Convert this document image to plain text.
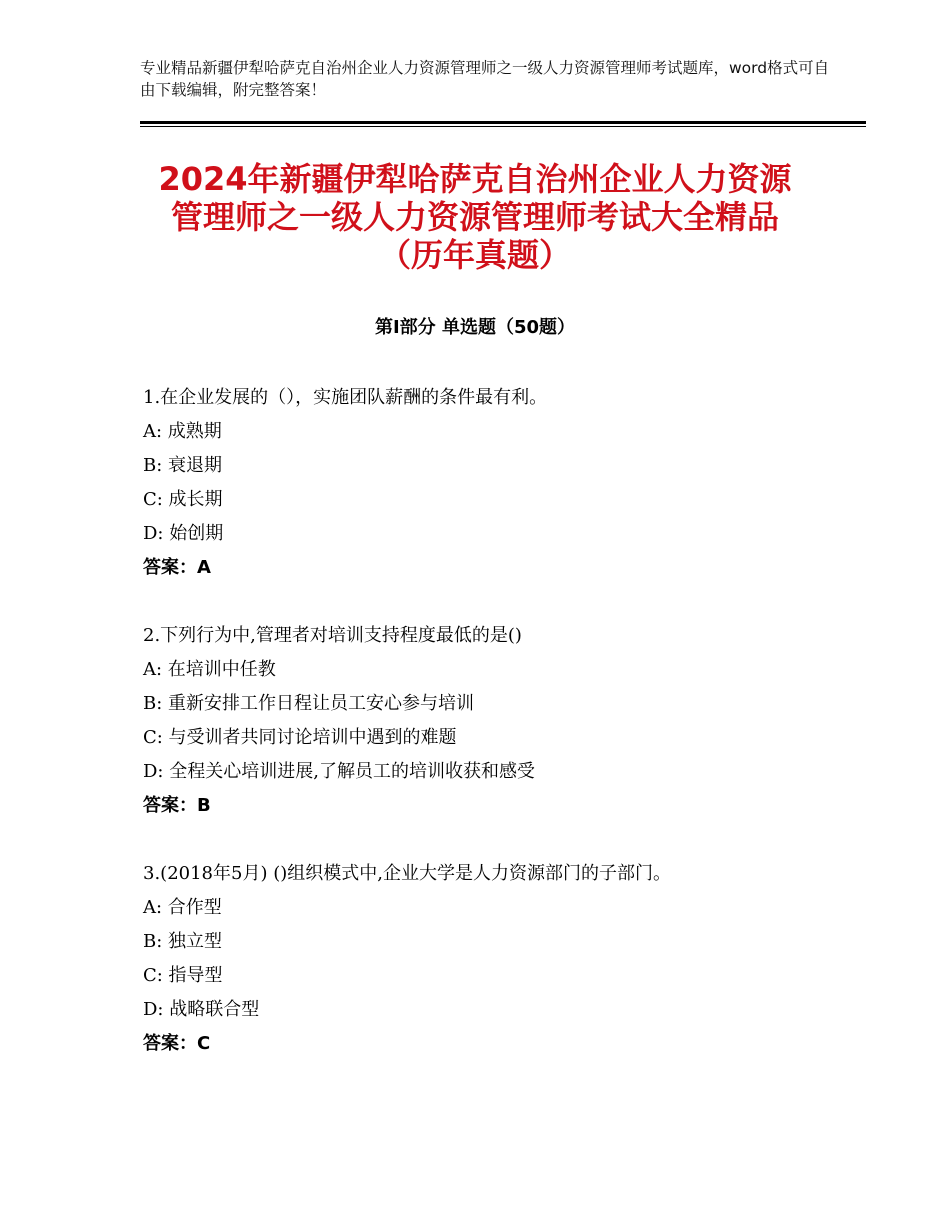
专业精品新疆伊犁哈萨克自治州企业人力资源管理师之一级人力资源管理师考试题库，word格式可自由下载编辑，附完整答案！
2024年新疆伊犁哈萨克自治州企业人力资源
管理师之一级人力资源管理师考试大全精品
（历年真题）
第Ⅰ部分 单选题（50题）
1.在企业发展的（），实施团队薪酬的条件最有利。
A: 成熟期
B: 衰退期
C: 成长期
D: 始创期
答案：A
2.下列行为中,管理者对培训支持程度最低的是()
A: 在培训中任教
B: 重新安排工作日程让员工安心参与培训
C: 与受训者共同讨论培训中遇到的难题
D: 全程关心培训进展,了解员工的培训收获和感受
答案：B
3.(2018年5月) ()组织模式中,企业大学是人力资源部门的子部门。
A: 合作型
B: 独立型
C: 指导型
D: 战略联合型
答案：C
